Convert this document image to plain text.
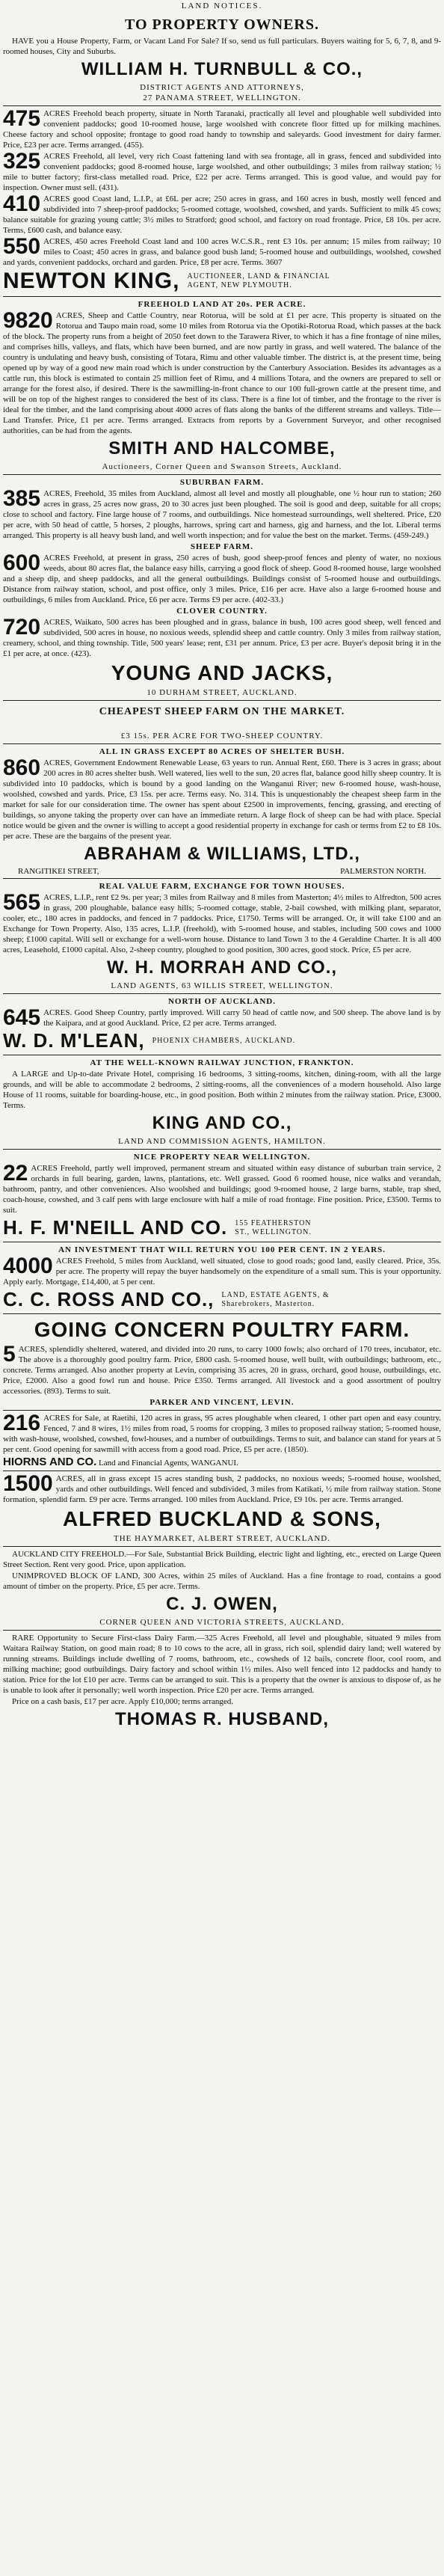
LAND NOTICES.
TO PROPERTY OWNERS.
HAVE you a House Property, Farm, or Vacant Land For Sale? If so, send us full particulars. Buyers waiting for 5, 6, 7, 8, and 9-roomed houses, City and Suburbs.
WILLIAM H. TURNBULL & CO.,
DISTRICT AGENTS AND ATTORNEYS,
27 PANAMA STREET, WELLINGTON.
475 ACRES Freehold beach property, situate in North Taranaki, practically all level and ploughable well subdivided into convenient paddocks; good 10-roomed house, large woolshed with concrete floor fitted up for milking machines. Cheese factory and school opposite; frontage to good road handy to township and saleyards. Good investment for dairy farmer. Price, £23 per acre. Terms arranged. (455).
325 ACRES Freehold, all level, very rich Coast fattening land with sea frontage, all in grass, fenced and subdivided into convenient paddocks; good 8-roomed house, large woolshed, and other outbuildings; 3 miles from railway station; ½ mile to butter factory; first-class metalled road. Price, £22 per acre. Terms arranged. This is good value, and would pay for inspection. Owner must sell. (431).
410 ACRES good Coast land, L.I.P., at £6L per acre; 250 acres in grass, and 160 acres in bush, mostly well fenced and subdivided into 7 sheep-proof paddocks; 5-roomed cottage, woolshed, cowshed, and yards. Sufficient to milk 45 cows; balance suitable for grazing young cattle; 3½ miles to Stratford; good school, and factory on road frontage. Price, £8 10s. per acre. Terms, £600 cash, and balance easy.
550 ACRES, 450 acres Freehold Coast land and 100 acres W.C.S.R., rent £3 10s. per annum; 15 miles from railway; 10 miles to Coast; 450 acres in grass, and balance good bush land; 5-roomed house and outbuildings, woolshed, cowshed and yards, convenient paddocks, orchard and garden. Price, £8 per acre. Terms. 3607
NEWTON KING, AUCTIONEER, LAND & FINANCIAL
AGENT, NEW PLYMOUTH.
FREEHOLD LAND AT 20s. PER ACRE.
9820 ACRES, Sheep and Cattle Country, near Rotorua, will be sold at £1 per acre. This property is situated on the Rotorua and Taupo main road, some 10 miles from Rotorua via the Opotiki-Rotorua Road, which passes at the back of the block. The property runs from a height of 2050 feet down to the Tarawera River, to which it has a fine frontage of nine miles, and comprises hills, valleys, and flats, which have been burned, and are now partly in grass, and well watered. The balance of the country is undulating and heavy bush, consisting of Totara, Rimu and other valuable timber. The district is, at the present time, being opened up by way of a good new main road which is under construction by the Canterbury Association. Besides its advantages as a cattle run, this block is estimated to contain 25 million feet of Rimu, and 4 millions Totara, and the owners are prepared to sell or arrange for the forest also, if desired. There is the sawmilling-in-front chance to our 100 full-grown cattle at the present time, and will be on top of the highest ranges to considered the best of its class. There is a fine lot of timber, and the frontage to the river is ideal for the timber, and the land comprising about 4000 acres of flats along the banks of the different streams and valleys. Title—Land Transfer. Price, £1 per acre. Terms arranged. Extracts from reports by a Government Surveyor, and other recognised authorities, can be had from the agents.
SMITH AND HALCOMBE,
Auctioneers, Corner Queen and Swanson Streets, Auckland.
SUBURBAN FARM.
385 ACRES, Freehold, 35 miles from Auckland, almost all level and mostly all ploughable, one ½ hour run to station; 260 acres in grass, 25 acres now grass, 20 to 30 acres just been ploughed. The soil is good and deep, suitable for all crops; close to school and factory. Fine large house of 7 rooms, and outbuildings. Nice homestead surroundings, well sheltered. Price, £20 per acre, with 50 head of cattle, 5 horses, 2 ploughs, harrows, spring cart and harness, gig and harness, and the lot. Liberal terms arranged. This property is all heavy bush land, and well worth inspection; and for value the best on the market. Terms. (459-249.)
SHEEP FARM.
600 ACRES Freehold, at present in grass, 250 acres of bush, good sheep-proof fences and plenty of water, no noxious weeds, about 80 acres flat, the balance easy hills, carrying a good flock of sheep. Good 8-roomed house, large woolshed and a sheep dip, and sheep paddocks, and all the general outbuildings. Buildings consist of 5-roomed house and outbuildings. Distance from railway station, school, and post office, only 3 miles. Price, £16 per acre. Have also a large 6-roomed house and outbuildings, 6 miles from Auckland. Price, £6 per acre. Terms £9 per acre. (402-33.)
CLOVER COUNTRY.
720 ACRES, Waikato, 500 acres has been ploughed and in grass, balance in bush, 100 acres good sheep, well fenced and subdivided, 500 acres in house, no noxious weeds, splendid sheep and cattle country. Only 3 miles from railway station, creamery, school, and thing township. Title, 500 years' lease; rent, £31 per annum. Price, £3 per acre. Buyer's deposit bring it in the £1 per acre, at once. (423).
YOUNG AND JACKS,
10 DURHAM STREET, AUCKLAND.
CHEAPEST SHEEP FARM ON THE MARKET.
£3 15s. PER ACRE FOR TWO-SHEEP COUNTRY.
ALL IN GRASS EXCEPT 80 ACRES OF SHELTER BUSH.
860 ACRES, Government Endowment Renewable Lease, 63 years to run. Annual Rent, £60. There is 3 acres in grass; about 200 acres in 80 acres shelter bush. Well watered, lies well to the sun, 20 acres flat, balance good hilly sheep country. It is subdivided into 10 paddocks, which is bound by a good landing on the Wanganui River; new 6-roomed house, wash-house, woolshed, cowshed and yards. Price, £3 15s. per acre. Terms easy. No. 314. This is unquestionably the cheapest sheep farm in the market for sale for our consideration time. The owner has spent about £2500 in improvements, fencing, grassing, and erecting of buildings, so anyone taking the property over can have an immediate return. A large flock of sheep can be had with place. Special notice would be given and the owner is willing to accept a good residential property in exchange for cash or terms from £2 to £8 10s. per acre. These are the bargains of the present year.
ABRAHAM & WILLIAMS, LTD.,
RANGITIKEI STREET,	PALMERSTON NORTH.
REAL VALUE FARM, EXCHANGE FOR TOWN HOUSES.
565 ACRES, L.I.P., rent £2 9s. per year; 3 miles from Railway and 8 miles from Masterton; 4½ miles to Alfredton, 500 acres in grass, 200 ploughable, balance easy hills; 5-roomed cottage, stable, 2-bail cowshed, with milking plant, separator, cooler, etc., 180 acres in paddocks, and fenced in 7 paddocks. Price, £1750. Terms will be arranged. Or, it will take £100 and an Exchange for Town Property. Also, 135 acres, L.I.P. (freehold), with 5-roomed house, and stables, including 500 cows and 1000 sheep; £1000 capital. Will sell or exchange for a well-worn house. Distance to land Town 3 to the 4 Geraldine Charter. It is all 400 acres, Leasehold, £1000 capital. Also, 2-sheep country, ploughed to good position, 300 acres, good stock. Price, £5 per acre.
W. H. MORRAH AND CO.,
LAND AGENTS, 63 WILLIS STREET, WELLINGTON.
NORTH OF AUCKLAND.
645 ACRES. Good Sheep Country, partly improved. Will carry 50 head of cattle now, and 500 sheep. The above land is by the Kaipara, and at good Auckland. Price, £2 per acre. Terms arranged.
W. D. M'LEAN, PHOENIX CHAMBERS, AUCKLAND.
AT THE WELL-KNOWN RAILWAY JUNCTION, FRANKTON.
A LARGE and Up-to-date Private Hotel, comprising 16 bedrooms, 3 sitting-rooms, kitchen, dining-room, with all the large grounds, and will be able to accommodate 2 bedrooms, 2 sitting-rooms, all the conveniences of a modern household. Also large House of 11 rooms, suitable for boarding-house, etc., in good position. Both within 2 minutes from the railway station. Price, £3000. Terms.
KING AND CO.,
LAND AND COMMISSION AGENTS, HAMILTON.
NICE PROPERTY NEAR WELLINGTON.
22 ACRES Freehold, partly well improved, permanent stream and situated within easy distance of suburban train service, 2 orchards in full bearing, garden, lawns, plantations, etc. Well grassed. Good 6 roomed house, nice walks and verandah, bathroom, pantry, and other conveniences. Also woolshed and buildings; good 9-roomed house, 2 large barns, stable, trap shed, coach-house, cowshed, and 3 calf pens with large enclosure with half a mile of road frontage. Fine position. Price, £3500. Terms to suit.
H. F. M'NEILL AND CO. 155 FEATHERSTON
ST., WELLINGTON.
AN INVESTMENT THAT WILL RETURN YOU 100 PER CENT. IN 2 YEARS.
4000 ACRES Freehold, 5 miles from Auckland, well situated, close to good roads; good land, easily cleared. Price, 35s. per acre. The property will repay the buyer handsomely on the expenditure of a small sum. This is your opportunity. Apply early. Mortgage, £14,400, at 5 per cent.
C. C. ROSS AND CO., LAND, ESTATE AGENTS, &
Sharebrokers, Masterton.
GOING CONCERN POULTRY FARM.
5 ACRES, splendidly sheltered, watered, and divided into 20 runs, to carry 1000 fowls; also orchard of 170 trees, incubator, etc. The above is a thoroughly good poultry farm. Price, £800 cash. 5-roomed house, well built, with outbuildings; bathroom, etc., concrete. Terms arranged. Also another property at Levin, comprising 35 acres, 20 in grass, orchard, good house, outbuildings, etc. Price, £2000. Also a good fowl run and house. Price £350. Terms arranged. All livestock and a good assortment of poultry accessories. (893). Terms to suit.
PARKER AND VINCENT, LEVIN.
216 ACRES for Sale, at Raetihi, 120 acres in grass, 95 acres ploughable when cleared, 1 other part open and easy country. Fenced, 7 and 8 wires, 1½ miles from road, 5 rooms for cropping, 3 miles to proposed railway station; 5-roomed house, with wash-house, woolshed, cowshed, fowl-houses, and a number of outbuildings. Terms to suit, and balance can stand for years at 5 per cent. Good opening for sawmill with access from a good road. Price, £5 per acre. (1850).
HIORNS AND CO. Land and Financial Agents, WANGANUI.
1500 ACRES, all in grass except 15 acres standing bush, 2 paddocks, no noxious weeds; 5-roomed house, woolshed, yards and other outbuildings. Well fenced and subdivided, 3 miles from Katikati, ½ mile from railway station. Stone formation, splendid farm. £9 per acre. Terms arranged. 100 miles from Auckland. Price, £9 10s. per acre. Terms arranged.
ALFRED BUCKLAND & SONS,
THE HAYMARKET, ALBERT STREET, AUCKLAND.
AUCKLAND CITY FREEHOLD.—For Sale, Substantial Brick Building, electric light and lighting, etc., erected on Large Queen Street Section. Rent very good. Price, upon application.
UNIMPROVED BLOCK OF LAND, 300 Acres, within 25 miles of Auckland. Has a fine frontage to road, contains a good amount of timber on the property. Price, £5 per acre. Terms.
C. J. OWEN,
CORNER QUEEN AND VICTORIA STREETS, AUCKLAND.
RARE Opportunity to Secure First-class Dairy Farm.—325 Acres Freehold, all level and ploughable, situated 9 miles from Waitara Railway Station, on good main road; 8 to 10 cows to the acre, all in grass, rich soil, splendid dairy land; well watered by running streams. Buildings include dwelling of 7 rooms, bathroom, etc., cowsheds of 12 bails, concrete floor, cool room, and milking machine; good outbuildings. Dairy factory and school within 1½ miles. Also well fenced into 12 paddocks and handy to station. Price for the lot £10 per acre. Terms can be arranged to suit. This is a property that the owner is anxious to dispose of, as he is unable to look after it personally; well worth inspection. Price £20 per acre. Terms arranged.
Price on a cash basis, £17 per acre. Apply £10,000; terms arranged.
THOMAS R. HUSBAND,
